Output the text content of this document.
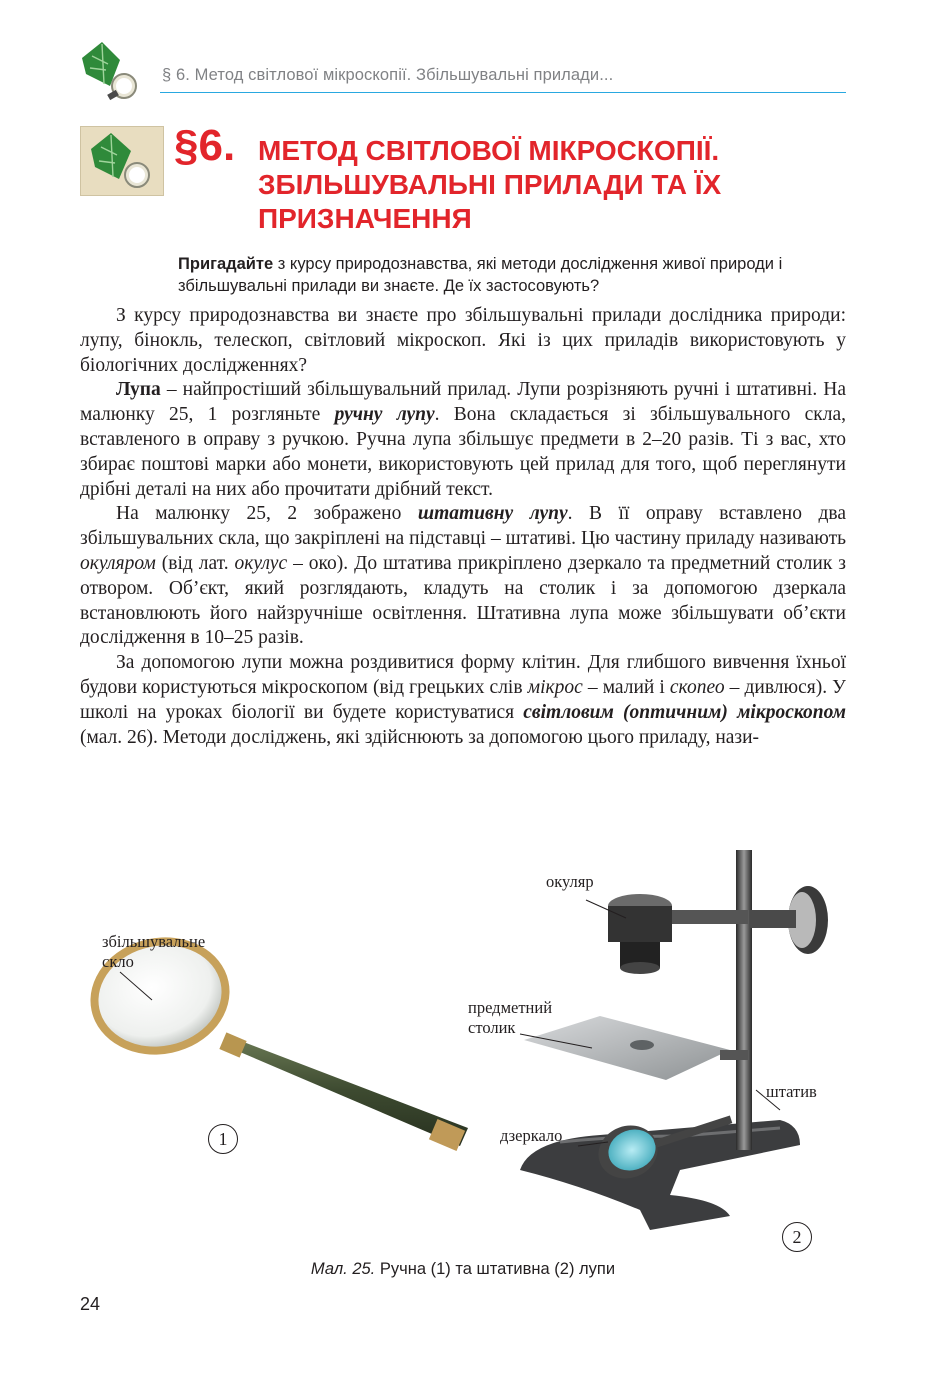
§ 6. Метод світлової мікроскопії. Збільшувальні прилади...
§6. МЕТОД СВІТЛОВОЇ МІКРОСКОПІЇ.
ЗБІЛЬШУВАЛЬНІ ПРИЛАДИ ТА ЇХ
ПРИЗНАЧЕННЯ
Пригадайте з курсу природознавства, які методи дослідження живої природи і збільшувальні прилади ви знаєте. Де їх застосовують?

З курсу природознавства ви знаєте про збільшувальні прилади дослідника природи: лупу, бінокль, телескоп, світловий мікроскоп. Які із цих приладів використовують у біологічних дослідженнях?

Лупа – найпростіший збільшувальний прилад. Лупи розрізняють ручні і штативні. На малюнку 25, 1 розгляньте ручну лупу. Вона складається зі збільшувального скла, вставленого в оправу з ручкою. Ручна лупа збільшує предмети в 2–20 разів. Ті з вас, хто збирає поштові марки або монети, використовують цей прилад для того, щоб переглянути дрібні деталі на них або прочитати дрібний текст.

На малюнку 25, 2 зображено штативну лупу. В її оправу вставлено два збільшувальних скла, що закріплені на підставці – штативі. Цю частину приладу називають окуляром (від лат. окулус – око). До штатива прикріплено дзеркало та предметний столик з отвором. Об’єкт, який розглядають, кладуть на столик і за допомогою дзеркала встановлюють його найзручніше освітлення. Штативна лупа може збільшувати об’єкти дослідження в 10–25 разів.

За допомогою лупи можна роздивитися форму клітин. Для глибшого вивчення їхньої будови користуються мікроскопом (від грецьких слів мікрос – малий і скопео – дивлюся). У школі на уроках біології ви будете користуватися світловим (оптичним) мікроскопом (мал. 26). Методи досліджень, які здійснюють за допомогою цього приладу, нази-

збільшувальне
скло
окуляр
предметний
столик
штатив
дзеркало
1
2
Мал. 25. Ручна (1) та штативна (2) лупи
24
